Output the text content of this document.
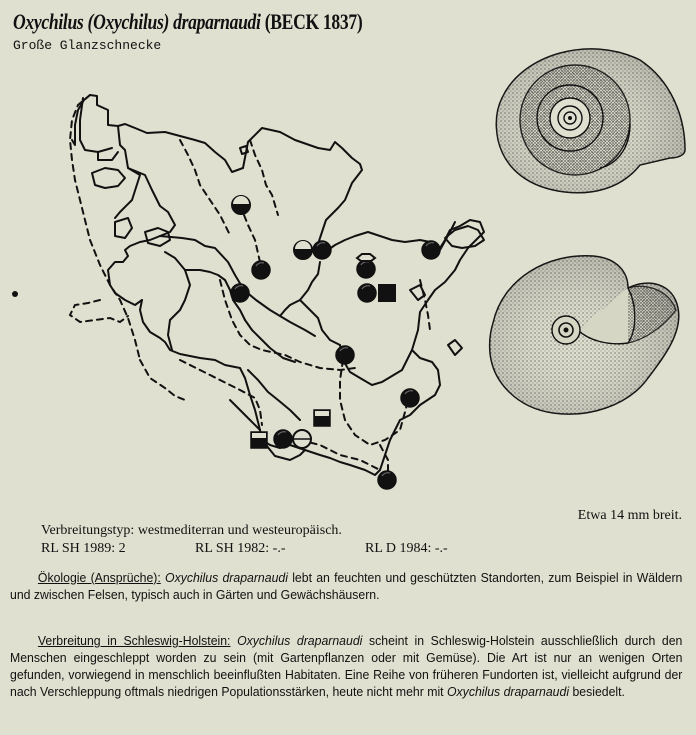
Oxychilus (Oxychilus) draparnaudi (BECK 1837)
Große Glanzschnecke
Etwa 14 mm breit.
Verbreitungstyp: westmediterran und westeuropäisch.
RL SH 1989: 2	RL SH 1982: -.-	RL D 1984: -.-
Ökologie (Ansprüche): Oxychilus draparnaudi lebt an feuchten und geschützten Standorten, zum Beispiel in Wäldern und zwischen Felsen, typisch auch in Gärten und Gewächshäusern.
Verbreitung in Schleswig-Holstein: Oxychilus draparnaudi scheint in Schleswig-Holstein ausschließlich durch den Menschen eingeschleppt worden zu sein (mit Gartenpflanzen oder mit Gemüse). Die Art ist nur an wenigen Orten gefunden, vorwiegend in menschlich beeinflußten Habitaten. Eine Reihe von früheren Fundorten ist, vielleicht aufgrund der nach Verschleppung oftmals niedrigen Populationsstärken, heute nicht mehr mit Oxychilus draparnaudi besiedelt.
